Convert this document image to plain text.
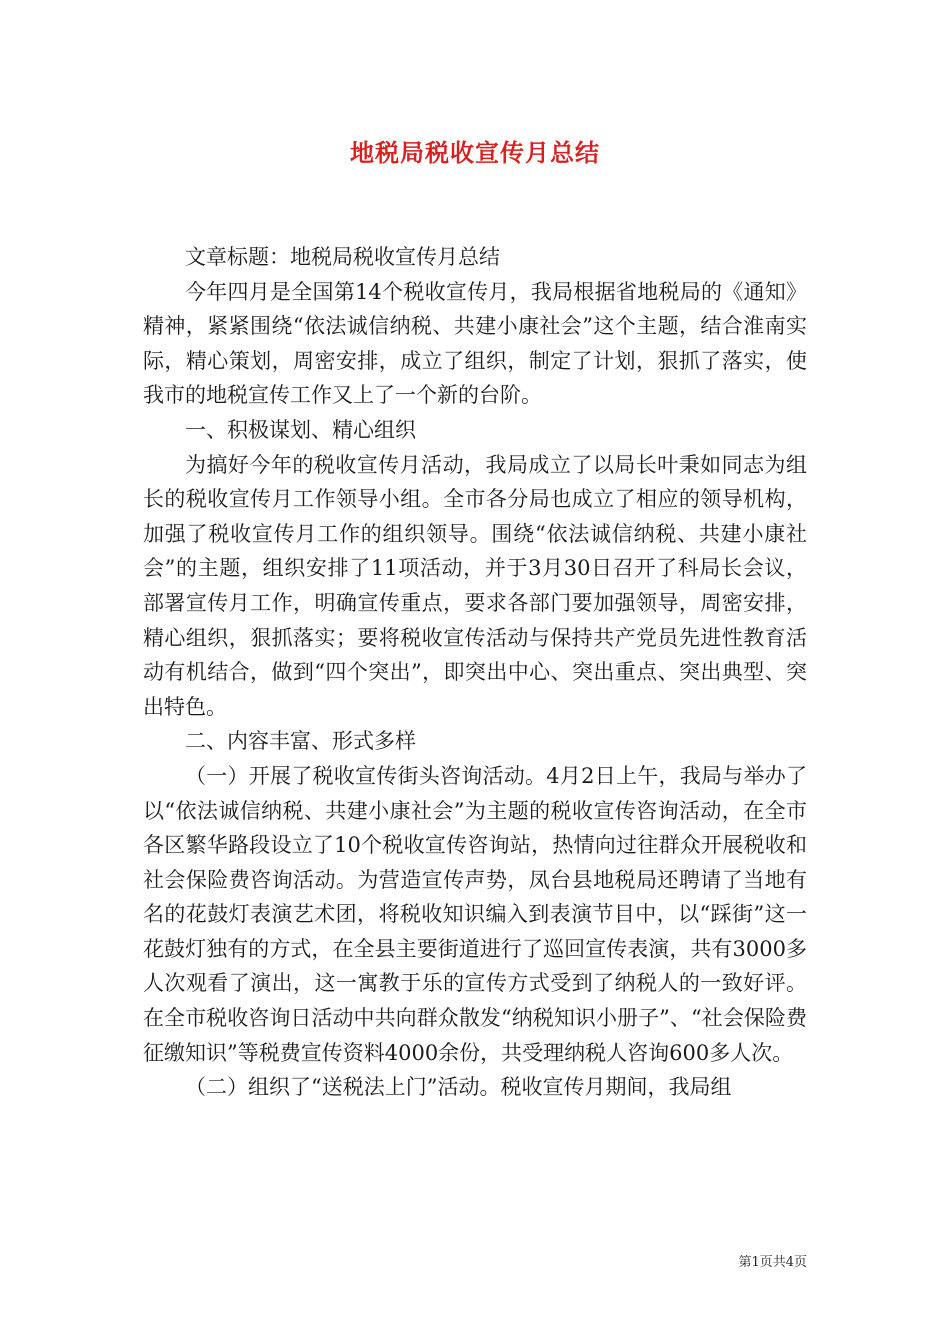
地税局税收宣传月总结

文章标题：地税局税收宣传月总结

今年四月是全国第14个税收宣传月，我局根据省地税局的《通知》精神，紧紧围绕“依法诚信纳税、共建小康社会”这个主题，结合淮南实际，精心策划，周密安排，成立了组织，制定了计划，狠抓了落实，使我市的地税宣传工作又上了一个新的台阶。

一、积极谋划、精心组织

为搞好今年的税收宣传月活动，我局成立了以局长叶秉如同志为组长的税收宣传月工作领导小组。全市各分局也成立了相应的领导机构，加强了税收宣传月工作的组织领导。围绕“依法诚信纳税、共建小康社会”的主题，组织安排了11项活动，并于3月30日召开了科局长会议，部署宣传月工作，明确宣传重点，要求各部门要加强领导，周密安排，精心组织，狠抓落实；要将税收宣传活动与保持共产党员先进性教育活动有机结合，做到“四个突出”，即突出中心、突出重点、突出典型、突出特色。

二、内容丰富、形式多样

（一）开展了税收宣传街头咨询活动。4月2日上午，我局与举办了以“依法诚信纳税、共建小康社会”为主题的税收宣传咨询活动，在全市各区繁华路段设立了10个税收宣传咨询站，热情向过往群众开展税收和社会保险费咨询活动。为营造宣传声势，凤台县地税局还聘请了当地有名的花鼓灯表演艺术团，将税收知识编入到表演节目中，以“踩街”这一花鼓灯独有的方式，在全县主要街道进行了巡回宣传表演，共有3000多人次观看了演出，这一寓教于乐的宣传方式受到了纳税人的一致好评。在全市税收咨询日活动中共向群众散发“纳税知识小册子”、“社会保险费征缴知识”等税费宣传资料4000余份，共受理纳税人咨询600多人次。

（二）组织了“送税法上门”活动。税收宣传月期间，我局组

第1页共4页
